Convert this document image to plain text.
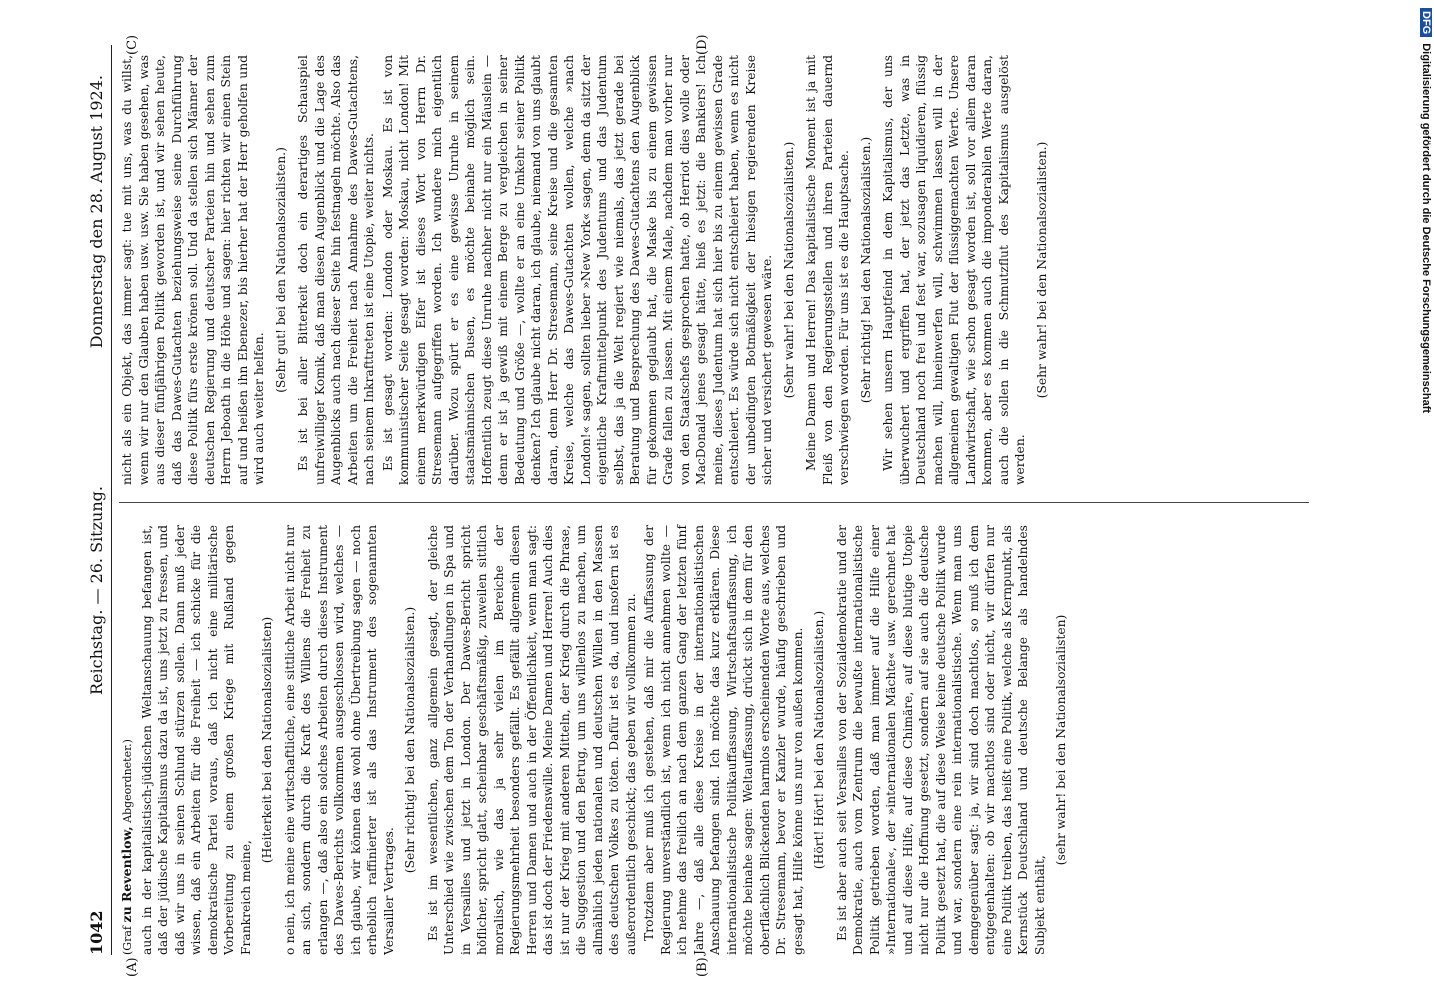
1042
Reichstag. — 26. Sitzung.
Donnerstag den 28. August 1924.
(A)	(B)
(C)	(D)

(Graf zu Reventlow, Abgeordneter.) auch in der kapitalistisch-jüdischen Weltanschauung befangen ist, daß der jüdische Kapitalismus dazu da ist, uns jetzt zu fressen, und daß wir uns in seinen Schlund stürzen sollen. Dann muß jeder wissen, daß ein Arbeiten für die Freiheit — ich schicke für die demokratische Partei voraus, daß ich nicht eine militärische Vorbereitung zu einem großen Kriege mit Rußland gegen Frankreich meine,

(Heiterkeit bei den Nationalsozialisten) o nein, ich meine eine wirtschaftliche, eine sittliche Arbeit nicht nur an sich, sondern durch die Kraft des Willens die Freiheit zu erlangen —, daß also ein solches Arbeiten durch dieses Instrument des Dawes-Berichts vollkommen ausgeschlossen wird, welches — ich glaube, wir können das wohl ohne Übertreibung sagen — noch erheblich raffinierter ist als das Instrument des sogenannten Versailler Vertrages.

(Sehr richtig! bei den Nationalsozialisten.) Es ist im wesentlichen, ganz allgemein gesagt, der gleiche Unterschied wie zwischen dem Ton der Verhandlungen in Spa und in Versailles und jetzt in London. Der Dawes-Bericht spricht höflicher, spricht glatt, scheinbar geschäftsmäßig, zuweilen sittlich moralisch, wie das ja sehr vielen im Bereiche der Regierungsmehrheit besonders gefällt. Es gefällt allgemein diesen Herren und Damen und auch in der Öffentlichkeit, wenn man sagt: das ist doch der Friedenswille. Meine Damen und Herren! Auch dies ist nur der Krieg mit anderen Mitteln, der Krieg durch die Phrase, die Suggestion und den Betrug, um uns willenlos zu machen, um allmählich jeden nationalen und deutschen Willen in den Massen des deutschen Volkes zu töten. Dafür ist es da, und insofern ist es außerordentlich geschickt; das geben wir vollkommen zu. Trotzdem aber muß ich gestehen, daß mir die Auffassung der Regierung unverständlich ist, wenn ich nicht annehmen wollte — ich nehme das freilich an nach dem ganzen Gang der letzten fünf Jahre —, daß alle diese Kreise in der internationalistischen Anschauung befangen sind. Ich möchte das kurz erklären. Diese internationalistische Politikauffassung, Wirtschaftsauffassung, ich möchte beinahe sagen: Weltauffassung, drückt sich in dem für den oberflächlich Blickenden harmlos erscheinenden Worte aus, welches Dr. Stresemann, bevor er Kanzler wurde, häufig geschrieben und gesagt hat, Hilfe könne uns nur von außen kommen. (Hört! Hört! bei den Nationalsozialisten.) Es ist aber auch seit Versailles von der Sozialdemokratie und der Demokratie, auch vom Zentrum die bewußte internationalistische Politik getrieben worden, daß man immer auf die Hilfe einer »Internationale«, der »internationalen Mächte« usw. gerechnet hat und auf diese Hilfe, auf diese Chimäre, auf diese blutige Utopie nicht nur die Hoffnung gesetzt, sondern auf sie auch die deutsche Politik gesetzt hat, die auf diese Weise keine deutsche Politik wurde und war, sondern eine rein internationalistische. Wenn man uns demgegenüber sagt: ja, wir sind doch machtlos, so muß ich dem entgegenhalten: ob wir machtlos sind oder nicht, wir dürfen nur eine Politik treiben, das heißt eine Politik, welche als Kernpunkt, als Kernstück Deutschland und deutsche Belange als handelndes Subjekt enthält,

(sehr wahr! bei den Nationalsozialisten)

nicht als ein Objekt, das immer sagt: tue mit uns, was du willst, wenn wir nur den Glauben haben usw. usw. Sie haben gesehen, was aus dieser fünfjährigen Politik geworden ist, und wir sehen heute, daß das Dawes-Gutachten beziehungsweise seine Durchführung diese Politik fürs erste krönen soll. Und da stellen sich Männer der deutschen Regierung und deutscher Parteien hin und sehen zum Herrn Jeboath in die Höhe und sagen: hier richten wir einen Stein auf und heißen ihn Ebenezer, bis hierher hat der Herr geholfen und wird auch weiter helfen.

(Sehr gut! bei den Nationalsozialisten.) Es ist bei aller Bitterkeit doch ein derartiges Schauspiel unfreiwilliger Komik, daß man diesen Augenblick und die Lage des Augenblicks auch nach dieser Seite hin festnageln möchte. Also das Arbeiten um die Freiheit nach Annahme des Dawes-Gutachtens, nach seinem Inkrafttreten ist eine Utopie, weiter nichts. Es ist gesagt worden: London oder Moskau. Es ist von kommunistischer Seite gesagt worden: Moskau, nicht London! Mit einem merkwürdigen Eifer ist dieses Wort von Herrn Dr. Stresemann aufgegriffen worden. Ich wundere mich eigentlich darüber. Wozu spürt er es eine gewisse Unruhe in seinem staatsmännischen Busen, es möchte beinahe möglich sein. Hoffentlich zeugt diese Unruhe nachher nicht nur ein Mäuslein — denn er ist ja gewiß mit einem Berge zu vergleichen in seiner Bedeutung und Größe —, wollte er an eine Umkehr seiner Politik denken? Ich glaube nicht daran, ich glaube, niemand von uns glaubt daran, denn Herr Dr. Stresemann, seine Kreise und die gesamten Kreise, welche das Dawes-Gutachten wollen, welche »nach London!« sagen, sollten lieber »New York« sagen, denn da sitzt der eigentliche Kraftmittelpunkt des Judentums und das Judentum selbst, das ja die Welt regiert wie niemals, das jetzt gerade bei Beratung und Besprechung des Dawes-Gutachtens den Augenblick für gekommen geglaubt hat, die Maske bis zu einem gewissen Grade fallen zu lassen. Mit einem Male, nachdem man vorher nur von den Staatschefs gesprochen hatte, ob Herriot dies wolle oder MacDonald jenes gesagt hätte, hieß es jetzt: die Bankiers! Ich meine, dieses Judentum hat sich hier bis zu einem gewissen Grade entschleiert. Es würde sich nicht entschleiert haben, wenn es nicht der unbedingten Botmäßigkeit der hiesigen regierenden Kreise sicher und versichert gewesen wäre. (Sehr wahr! bei den Nationalsozialisten.) Meine Damen und Herren! Das kapitalistische Moment ist ja mit Fleiß von den Regierungsstellen und ihren Parteien dauernd verschwiegen worden. Für uns ist es die Hauptsache. (Sehr richtig! bei den Nationalsozialisten.) Wir sehen unsern Hauptfeind in dem Kapitalismus, der uns überwuchert und ergriffen hat, der jetzt das Letzte, was in Deutschland noch frei und fest war, sozusagen liquidieren, flüssig machen will, hineinwerfen will, schwimmen lassen will in der allgemeinen gewaltigen Flut der flüssiggemachten Werte. Unsere Landwirtschaft, wie schon gesagt worden ist, soll vor allem daran kommen, aber es kommen auch die imponderabilen Werte daran, auch die sollen in die Schmutzflut des Kapitalismus ausgelöst werden.

(Sehr wahr! bei den Nationalsozialisten.)

DFGDigitalisierung gefördert durch die Deutsche Forschungsgemeinschaft
